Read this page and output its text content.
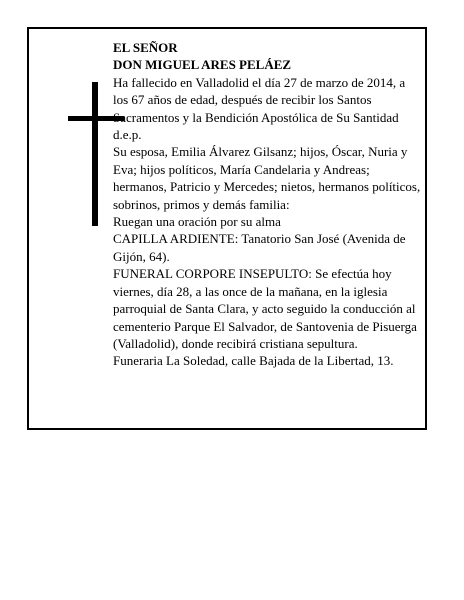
EL SEÑOR

DON MIGUEL ARES PELÁEZ

Ha fallecido en Valladolid el día 27 de marzo de 2014, a los 67 años de edad, después de recibir los Santos Sacramentos y la Bendición Apostólica de Su Santidad d.e.p.

Su esposa, Emilia Álvarez Gilsanz; hijos, Óscar, Nuria y Eva; hijos políticos, María Candelaria y Andreas; hermanos, Patricio y Mercedes; nietos, hermanos políticos, sobrinos, primos y demás familia:

Ruegan una oración por su alma

CAPILLA ARDIENTE: Tanatorio San José (Avenida de Gijón, 64).

FUNERAL CORPORE INSEPULTO: Se efectúa hoy viernes, día 28, a las once de la mañana, en la iglesia parroquial de Santa Clara, y acto seguido la conducción al cementerio Parque El Salvador, de Santovenia de Pisuerga (Valladolid), donde recibirá cristiana sepultura.

Funeraria La Soledad, calle Bajada de la Libertad, 13.
